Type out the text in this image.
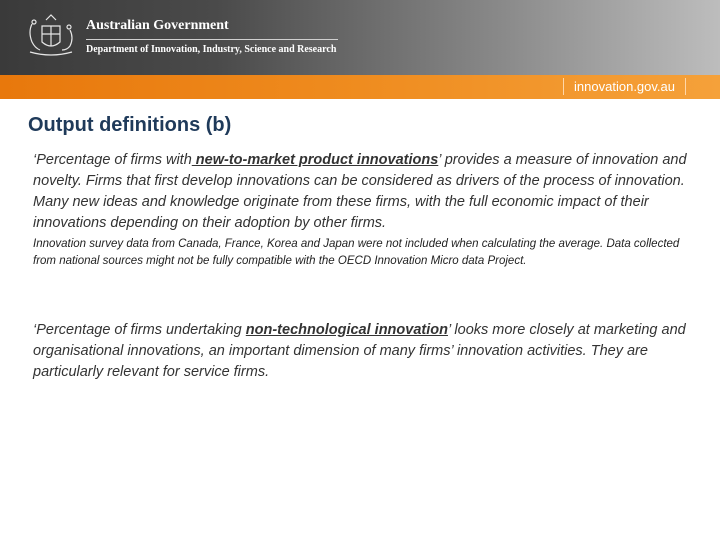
Australian Government
Department of Innovation, Industry, Science and Research
innovation.gov.au
Output definitions (b)

‘Percentage of firms with new-to-market product innovations’ provides a measure of innovation and novelty. Firms that first develop innovations can be considered as drivers of the process of innovation. Many new ideas and knowledge originate from these firms, with the full economic impact of their innovations depending on their adoption by other firms.

Innovation survey data from Canada, France, Korea and Japan were not included when calculating the average. Data collected from national sources might not be fully compatible with the OECD Innovation Micro data Project.

‘Percentage of firms undertaking non-technological innovation’ looks more closely at marketing and organisational innovations, an important dimension of many firms’ innovation activities. They are particularly relevant for service firms.
